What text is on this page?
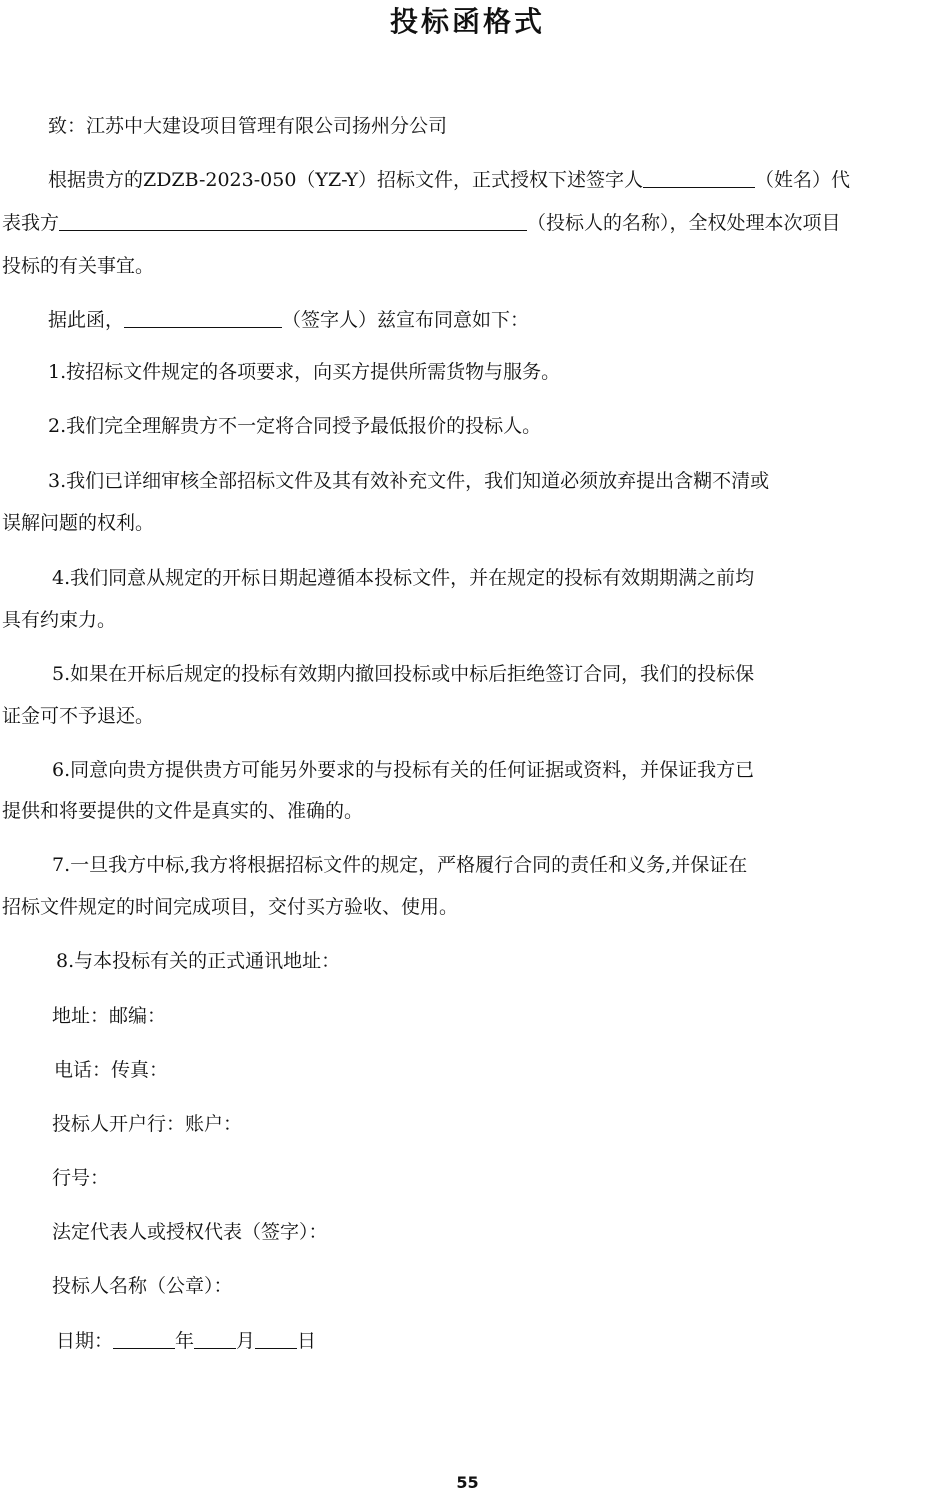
投标函格式
致：江苏中大建设项目管理有限公司扬州分公司
根据贵方的ZDZB-2023-050（YZ-Y）招标文件，正式授权下述签字人	（姓名）代
表我方	（投标人的名称），全权处理本次项目
投标的有关事宜。
据此函，	（签字人）兹宣布同意如下：
1.按招标文件规定的各项要求，向买方提供所需货物与服务。
2.我们完全理解贵方不一定将合同授予最低报价的投标人。
3.我们已详细审核全部招标文件及其有效补充文件，我们知道必须放弃提出含糊不清或
误解问题的权利。
4.我们同意从规定的开标日期起遵循本投标文件，并在规定的投标有效期期满之前均
具有约束力。
5.如果在开标后规定的投标有效期内撤回投标或中标后拒绝签订合同，我们的投标保
证金可不予退还。
6.同意向贵方提供贵方可能另外要求的与投标有关的任何证据或资料，并保证我方已
提供和将要提供的文件是真实的、准确的。
7.一旦我方中标,我方将根据招标文件的规定，严格履行合同的责任和义务,并保证在
招标文件规定的时间完成项目，交付买方验收、使用。
8.与本投标有关的正式通讯地址：
地址：邮编：
电话：传真：
投标人开户行：账户：
行号：
法定代表人或授权代表（签字）：
投标人名称（公章）：
日期：	年 月 日
55
